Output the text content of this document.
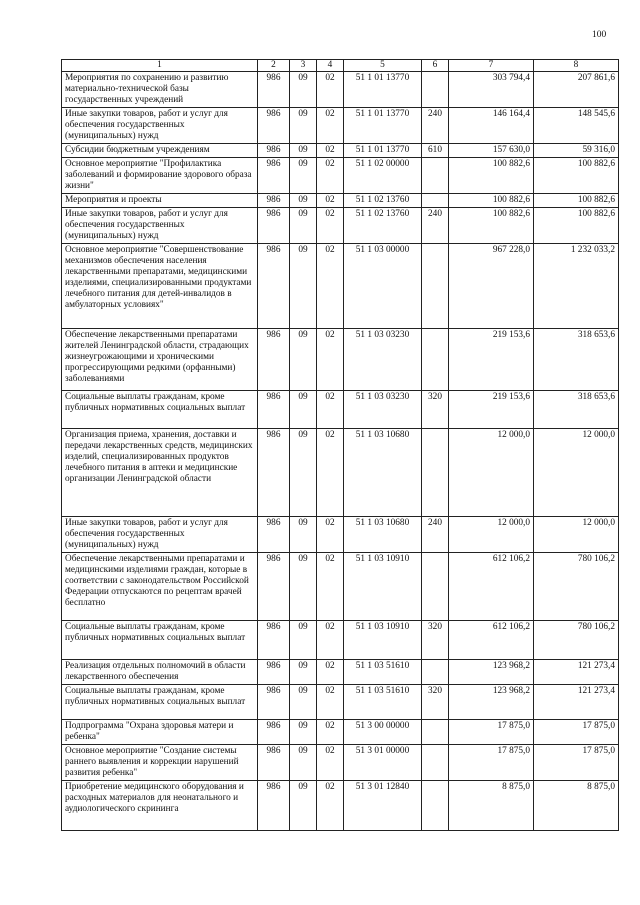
100
1	2	3	4	5	6	7	8
Мероприятия по сохранению и развитию материально-технической базы государственных учреждений	986	09	02	51 1 01 13770		303 794,4	207 861,6
Иные закупки товаров, работ и услуг для обеспечения государственных (муниципальных) нужд	986	09	02	51 1 01 13770	240	146 164,4	148 545,6
Субсидии бюджетным учреждениям	986	09	02	51 1 01 13770	610	157 630,0	59 316,0
Основное мероприятие "Профилактика заболеваний и формирование здорового образа жизни"	986	09	02	51 1 02 00000		100 882,6	100 882,6
Мероприятия и проекты	986	09	02	51 1 02 13760		100 882,6	100 882,6
Иные закупки товаров, работ и услуг для обеспечения государственных (муниципальных) нужд	986	09	02	51 1 02 13760	240	100 882,6	100 882,6
Основное мероприятие "Совершенствование механизмов обеспечения населения лекарственными препаратами, медицинскими изделиями, специализированными продуктами лечебного питания для детей-инвалидов в амбулаторных условиях"	986	09	02	51 1 03 00000		967 228,0	1 232 033,2
Обеспечение лекарственными препаратами жителей Ленинградской области, страдающих жизнеугрожающими и хроническими прогрессирующими редкими (орфанными) заболеваниями	986	09	02	51 1 03 03230		219 153,6	318 653,6
Социальные выплаты гражданам, кроме публичных нормативных социальных выплат	986	09	02	51 1 03 03230	320	219 153,6	318 653,6
Организация приема, хранения, доставки и передачи лекарственных средств, медицинских изделий, специализированных продуктов лечебного питания в аптеки и медицинские организации Ленинградской области	986	09	02	51 1 03 10680		12 000,0	12 000,0
Иные закупки товаров, работ и услуг для обеспечения государственных (муниципальных) нужд	986	09	02	51 1 03 10680	240	12 000,0	12 000,0
Обеспечение лекарственными препаратами и медицинскими изделиями граждан, которые в соответствии с законодательством Российской Федерации отпускаются по рецептам врачей бесплатно	986	09	02	51 1 03 10910		612 106,2	780 106,2
Социальные выплаты гражданам, кроме публичных нормативных социальных выплат	986	09	02	51 1 03 10910	320	612 106,2	780 106,2
Реализация отдельных полномочий в области лекарственного обеспечения	986	09	02	51 1 03 51610		123 968,2	121 273,4
Социальные выплаты гражданам, кроме публичных нормативных социальных выплат	986	09	02	51 1 03 51610	320	123 968,2	121 273,4
Подпрограмма "Охрана здоровья матери и ребенка"	986	09	02	51 3 00 00000		17 875,0	17 875,0
Основное мероприятие "Создание системы раннего выявления и коррекции нарушений развития ребенка"	986	09	02	51 3 01 00000		17 875,0	17 875,0
Приобретение медицинского оборудования и расходных материалов для неонатального и аудиологического скрининга	986	09	02	51 3 01 12840		8 875,0	8 875,0
